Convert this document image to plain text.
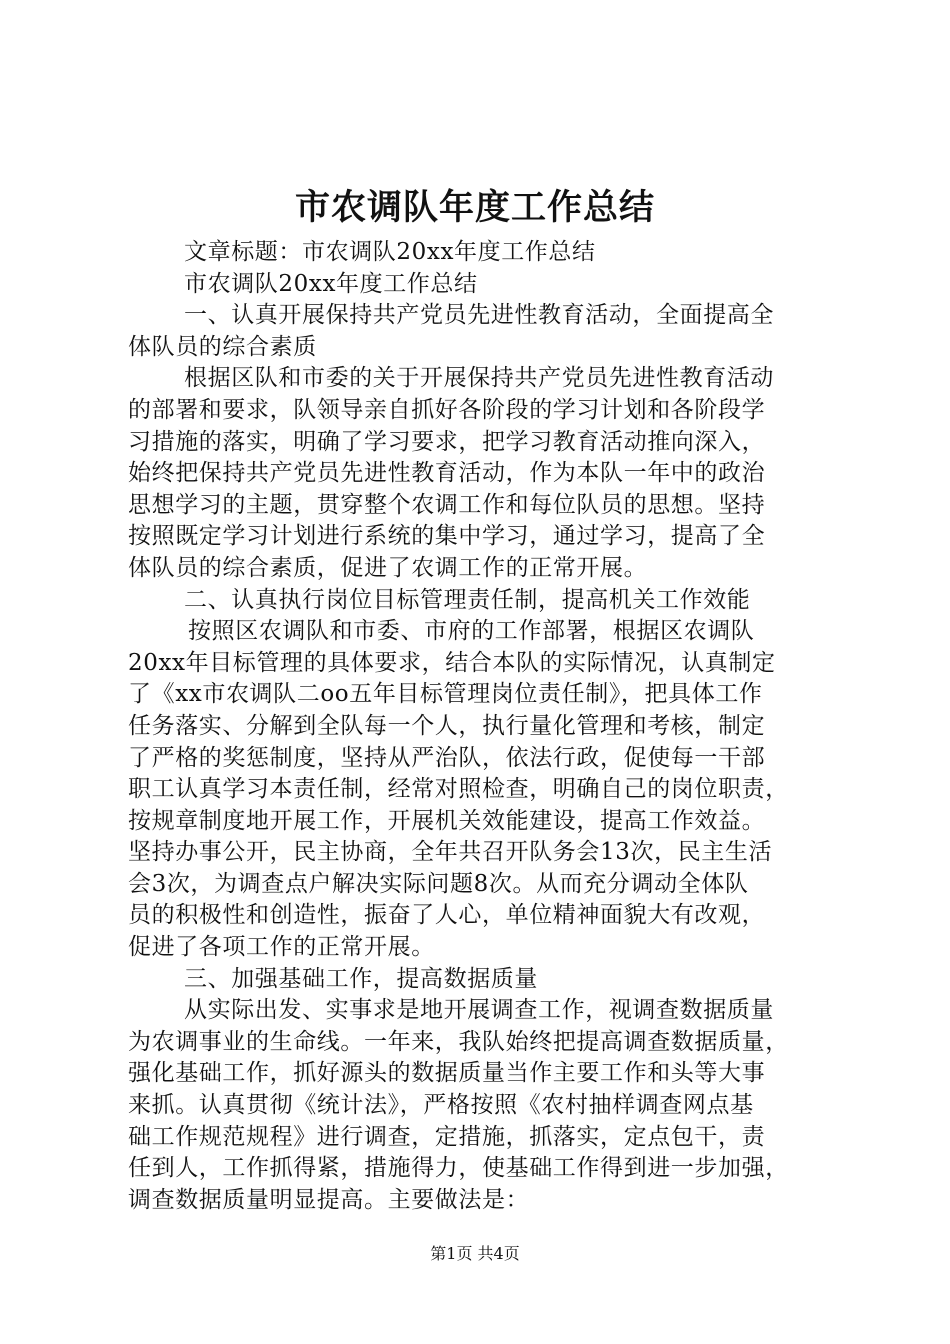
市农调队年度工作总结
文章标题：市农调队20xx年度工作总结
市农调队20xx年度工作总结
一、认真开展保持共产党员先进性教育活动，全面提高全
体队员的综合素质
根据区队和市委的关于开展保持共产党员先进性教育活动
的部署和要求，队领导亲自抓好各阶段的学习计划和各阶段学
习措施的落实，明确了学习要求，把学习教育活动推向深入，
始终把保持共产党员先进性教育活动，作为本队一年中的政治
思想学习的主题，贯穿整个农调工作和每位队员的思想。坚持
按照既定学习计划进行系统的集中学习，通过学习，提高了全
体队员的综合素质，促进了农调工作的正常开展。
二、认真执行岗位目标管理责任制，提高机关工作效能
按照区农调队和市委、市府的工作部署，根据区农调队
20xx年目标管理的具体要求，结合本队的实际情况，认真制定
了《xx市农调队二oo五年目标管理岗位责任制》，把具体工作
任务落实、分解到全队每一个人，执行量化管理和考核，制定
了严格的奖惩制度，坚持从严治队，依法行政，促使每一干部
职工认真学习本责任制，经常对照检查，明确自己的岗位职责，
按规章制度地开展工作，开展机关效能建设，提高工作效益。
坚持办事公开，民主协商，全年共召开队务会13次，民主生活
会3次，为调查点户解决实际问题8次。从而充分调动全体队
员的积极性和创造性，振奋了人心，单位精神面貌大有改观，
促进了各项工作的正常开展。
三、加强基础工作，提高数据质量
从实际出发、实事求是地开展调查工作，视调查数据质量
为农调事业的生命线。一年来，我队始终把提高调查数据质量，
强化基础工作，抓好源头的数据质量当作主要工作和头等大事
来抓。认真贯彻《统计法》，严格按照《农村抽样调查网点基
础工作规范规程》进行调查，定措施，抓落实，定点包干，责
任到人，工作抓得紧，措施得力，使基础工作得到进一步加强，
调查数据质量明显提高。主要做法是：
第1页 共4页
